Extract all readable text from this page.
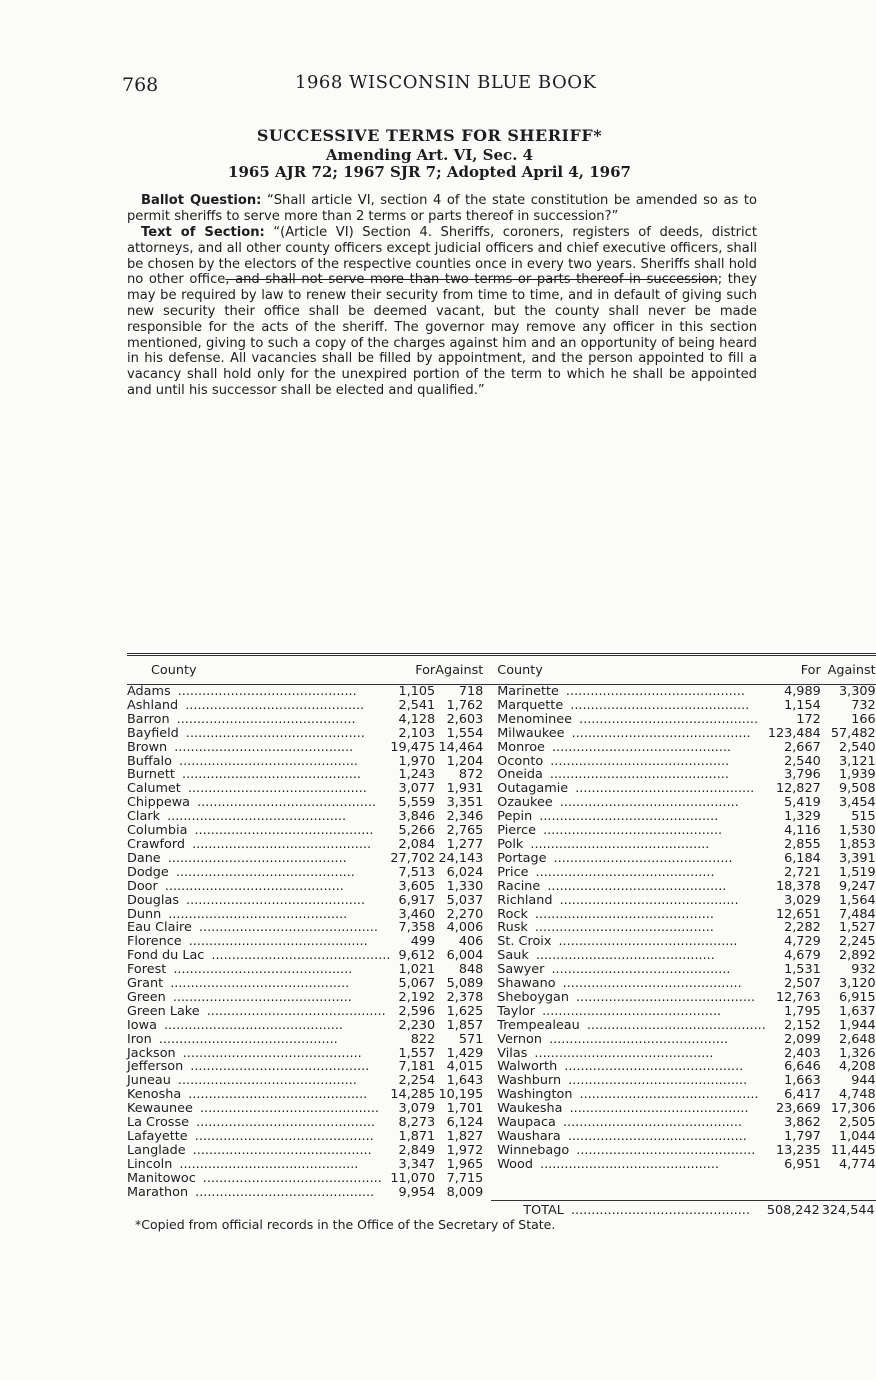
768	1968 WISCONSIN BLUE BOOK
SUCCESSIVE TERMS FOR SHERIFF*
Amending Art. VI, Sec. 4
1965 AJR 72; 1967 SJR 7; Adopted April 4, 1967
Ballot Question: “Shall article VI, section 4 of the state constitution be amended so as to permit sheriffs to serve more than 2 terms or parts thereof in succession?”
Text of Section: “(Article VI) Section 4. Sheriffs, coroners, registers of deeds, district attorneys, and all other county officers except judicial officers and chief executive officers, shall be chosen by the electors of the respective counties once in every two years. Sheriffs shall hold no other office, and shall not serve more than two terms or parts thereof in succession; they may be required by law to renew their security from time to time, and in default of giving such new security their office shall be deemed vacant, but the county shall never be made responsible for the acts of the sheriff. The governor may remove any officer in this section mentioned, giving to such a copy of the charges against him and an opportunity of being heard in his defense. All vacancies shall be filled by appointment, and the person appointed to fill a vacancy shall hold only for the unexpired portion of the term to which he shall be appointed and until his successor shall be elected and qualified.”
County	For	Against	County	For	Against

Adams .....	1,105	718	Marinette .....	4,989	3,309

Ashland .....	2,541	1,762	Marquette .....	1,154	732

Barron .....	4,128	2,603	Menominee .....	172	166

Bayfield .....	2,103	1,554	Milwaukee .....	123,484	57,482

Brown .....	19,475	14,464	Monroe .....	2,667	2,540

Buffalo .....	1,970	1,204	Oconto .....	2,540	3,121

Burnett .....	1,243	872	Oneida .....	3,796	1,939

Calumet .....	3,077	1,931	Outagamie .....	12,827	9,508

Chippewa .....	5,559	3,351	Ozaukee .....	5,419	3,454

Clark .....	3,846	2,346	Pepin .....	1,329	515

Columbia .....	5,266	2,765	Pierce .....	4,116	1,530

Crawford .....	2,084	1,277	Polk .....	2,855	1,853

Dane .....	27,702	24,143	Portage .....	6,184	3,391

Dodge .....	7,513	6,024	Price .....	2,721	1,519

Door .....	3,605	1,330	Racine .....	18,378	9,247

Douglas .....	6,917	5,037	Richland .....	3,029	1,564

Dunn .....	3,460	2,270	Rock .....	12,651	7,484

Eau Claire .....	7,358	4,006	Rusk .....	2,282	1,527

Florence .....	499	406	St. Croix .....	4,729	2,245

Fond du Lac .....	9,612	6,004	Sauk .....	4,679	2,892

Forest .....	1,021	848	Sawyer .....	1,531	932

Grant .....	5,067	5,089	Shawano .....	2,507	3,120

Green .....	2,192	2,378	Sheboygan .....	12,763	6,915

Green Lake .....	2,596	1,625	Taylor .....	1,795	1,637

Iowa .....	2,230	1,857	Trempealeau .....	2,152	1,944

Iron .....	822	571	Vernon .....	2,099	2,648

Jackson .....	1,557	1,429	Vilas .....	2,403	1,326

Jefferson .....	7,181	4,015	Walworth .....	6,646	4,208

Juneau .....	2,254	1,643	Washburn .....	1,663	944

Kenosha .....	14,285	10,195	Washington .....	6,417	4,748

Kewaunee .....	3,079	1,701	Waukesha .....	23,669	17,306

La Crosse .....	8,273	6,124	Waupaca .....	3,862	2,505

Lafayette .....	1,871	1,827	Waushara .....	1,797	1,044

Langlade .....	2,849	1,972	Winnebago .....	13,235	11,445

Lincoln .....	3,347	1,965	Wood .....	6,951	4,774

Manitowoc .....	11,070	7,715			

Marathon .....	9,954	8,009			

			TOTAL .....	508,242	324,544
*Copied from official records in the Office of the Secretary of State.
